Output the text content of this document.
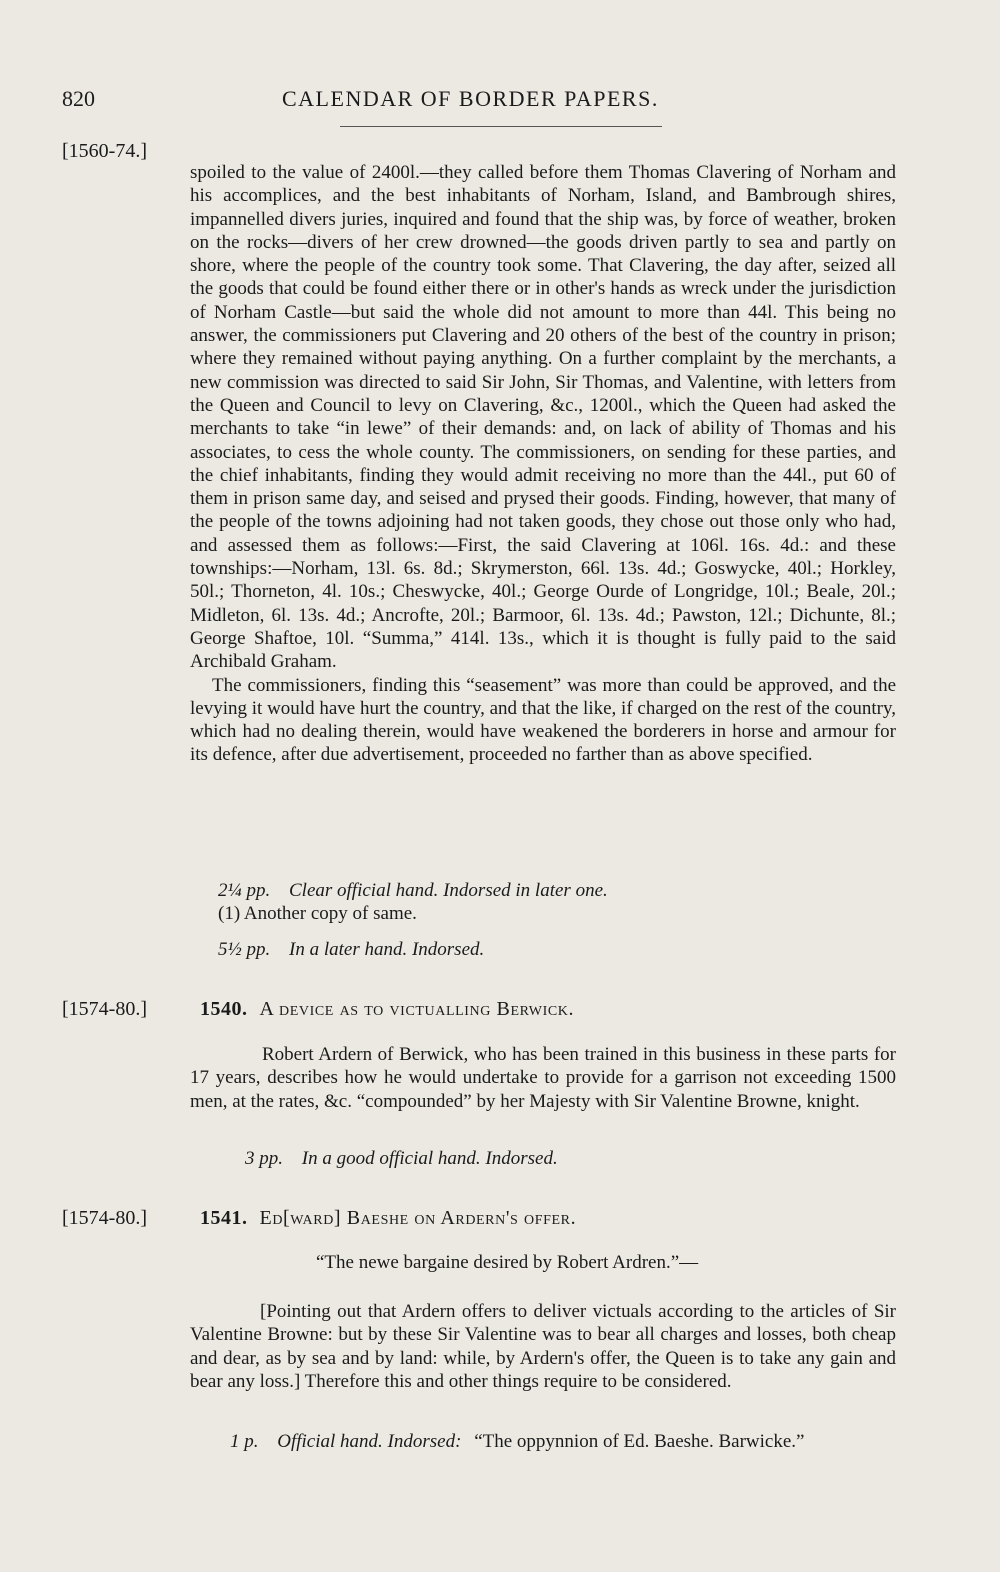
820	CALENDAR OF BORDER PAPERS.
[1560-74.]

spoiled to the value of 2400l.—they called before them Thomas Clavering of Norham and his accomplices, and the best inhabitants of Norham, Island, and Bambrough shires, impannelled divers juries, inquired and found that the ship was, by force of weather, broken on the rocks—divers of her crew drowned—the goods driven partly to sea and partly on shore, where the people of the country took some. That Clavering, the day after, seized all the goods that could be found either there or in other's hands as wreck under the jurisdiction of Norham Castle—but said the whole did not amount to more than 44l. This being no answer, the commissioners put Clavering and 20 others of the best of the country in prison; where they remained without paying anything. On a further complaint by the merchants, a new commission was directed to said Sir John, Sir Thomas, and Valentine, with letters from the Queen and Council to levy on Clavering, &c., 1200l., which the Queen had asked the merchants to take “in lewe” of their demands: and, on lack of ability of Thomas and his associates, to cess the whole county. The commissioners, on sending for these parties, and the chief inhabitants, finding they would admit receiving no more than the 44l., put 60 of them in prison same day, and seised and prysed their goods. Finding, however, that many of the people of the towns adjoining had not taken goods, they chose out those only who had, and assessed them as follows:—First, the said Clavering at 106l. 16s. 4d.: and these townships:—Norham, 13l. 6s. 8d.; Skrymerston, 66l. 13s. 4d.; Goswycke, 40l.; Horkley, 50l.; Thorneton, 4l. 10s.; Cheswycke, 40l.; George Ourde of Longridge, 10l.; Beale, 20l.; Midleton, 6l. 13s. 4d.; Ancrofte, 20l.; Barmoor, 6l. 13s. 4d.; Pawston, 12l.; Dichunte, 8l.; George Shaftoe, 10l. “Summa,” 414l. 13s., which it is thought is fully paid to the said Archibald Graham.

The commissioners, finding this “seasement” was more than could be approved, and the levying it would have hurt the country, and that the like, if charged on the rest of the country, which had no dealing therein, would have weakened the borderers in horse and armour for its defence, after due advertisement, proceeded no farther than as above specified.

2¼ pp. Clear official hand. Indorsed in later one.
(1) Another copy of same.
5½ pp. In a later hand. Indorsed.
[1574-80.]	1540. A device as to victualling Berwick.

Robert Ardern of Berwick, who has been trained in this business in these parts for 17 years, describes how he would undertake to provide for a garrison not exceeding 1500 men, at the rates, &c. “compounded” by her Majesty with Sir Valentine Browne, knight.

3 pp. In a good official hand. Indorsed.
[1574-80.]	1541. Ed[ward] Baeshe on Ardern's offer.
“The newe bargaine desired by Robert Ardren.”—

[Pointing out that Ardern offers to deliver victuals according to the articles of Sir Valentine Browne: but by these Sir Valentine was to bear all charges and losses, both cheap and dear, as by sea and by land: while, by Ardern's offer, the Queen is to take any gain and bear any loss.] Therefore this and other things require to be considered.

1 p. Official hand. Indorsed: “The oppynnion of Ed. Baeshe. Barwicke.”
